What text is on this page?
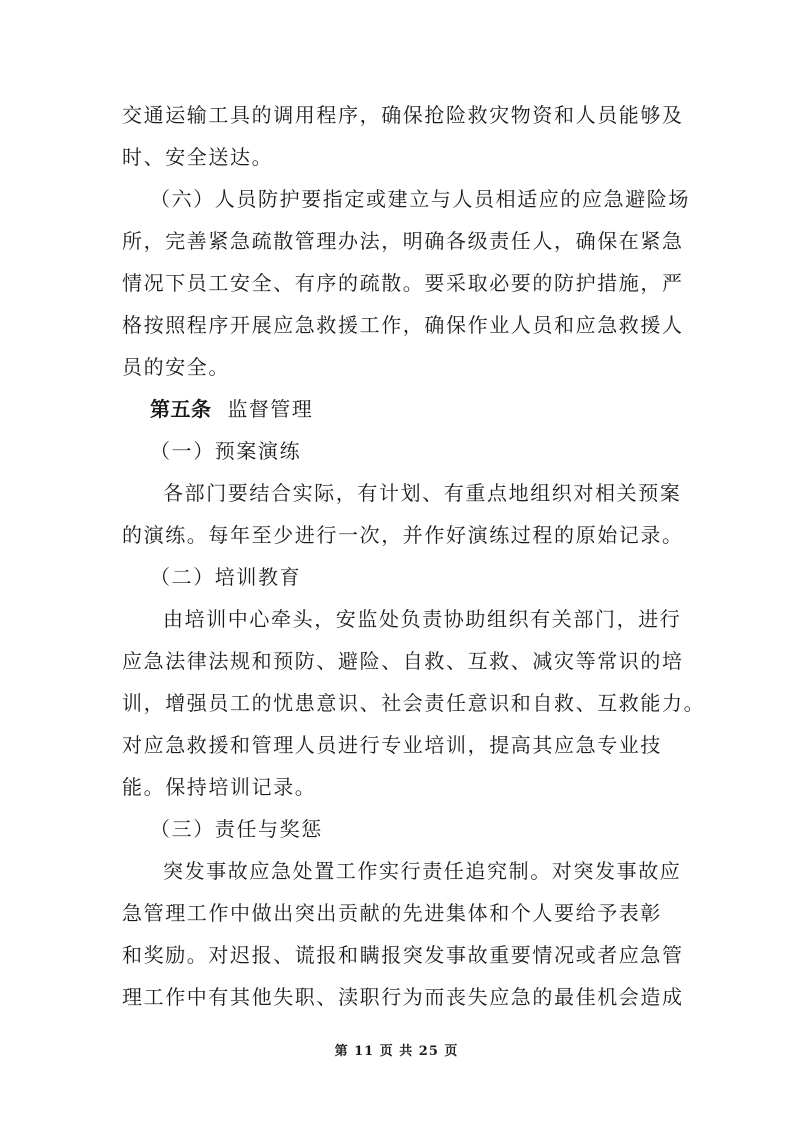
交通运输工具的调用程序，确保抢险救灾物资和人员能够及
时、安全送达。
（六）人员防护要指定或建立与人员相适应的应急避险场
所，完善紧急疏散管理办法，明确各级责任人，确保在紧急
情况下员工安全、有序的疏散。要采取必要的防护措施，严
格按照程序开展应急救援工作，确保作业人员和应急救援人
员的安全。
第五条 监督管理
（一）预案演练
各部门要结合实际，有计划、有重点地组织对相关预案
的演练。每年至少进行一次，并作好演练过程的原始记录。
（二）培训教育
由培训中心牵头，安监处负责协助组织有关部门，进行
应急法律法规和预防、避险、自救、互救、减灾等常识的培
训，增强员工的忧患意识、社会责任意识和自救、互救能力。
对应急救援和管理人员进行专业培训，提高其应急专业技
能。保持培训记录。
（三）责任与奖惩
突发事故应急处置工作实行责任追究制。对突发事故应
急管理工作中做出突出贡献的先进集体和个人要给予表彰
和奖励。对迟报、谎报和瞒报突发事故重要情况或者应急管
理工作中有其他失职、渎职行为而丧失应急的最佳机会造成
第 11 页 共 25 页
